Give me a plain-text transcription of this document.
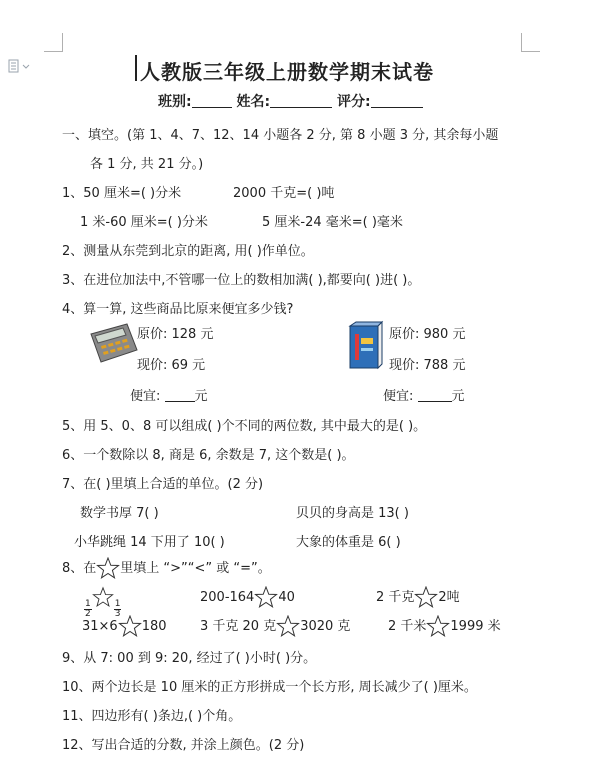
人教版三年级上册数学期末试卷
班别:	姓名:	评分:
一、填空。(第 1、4、7、12、14 小题各 2 分, 第 8 小题 3 分, 其余每小题
各 1 分, 共 21 分。)
1、50 厘米=( )分米	2000 千克=( )吨
1 米-60 厘米=( )分米	5 厘米-24 毫米=( )毫米
2、测量从东莞到北京的距离, 用( )作单位。
3、在进位加法中,不管哪一位上的数相加满( ),都要向( )进( )。
4、算一算, 这些商品比原来便宜多少钱?
原价: 128 元
现价: 69 元
便宜: 元
原价: 980 元
现价: 788 元
便宜:	元
5、用 5、0、8 可以组成( )个不同的两位数, 其中最大的是( )。
6、一个数除以 8, 商是 6, 余数是 7, 这个数是( )。
7、在( )里填上合适的单位。(2 分)
数学书厚 7( )	贝贝的身高是 13( )
小华跳绳 14 下用了 10( )	大象的体重是 6( )
8、在 里填上 “>”“<” 或 “=”。
$\frac{1}{2} \frac{1}{3}$
200-164 40	2 千克 2吨
31×6 180	3 千克 20 克 3020 克	2 千米 1999 米
9、从 7: 00 到 9: 20, 经过了( )小时( )分。
10、两个边长是 10 厘米的正方形拼成一个长方形, 周长减少了( )厘米。
11、四边形有( )条边,( )个角。
12、写出合适的分数, 并涂上颜色。(2 分)
